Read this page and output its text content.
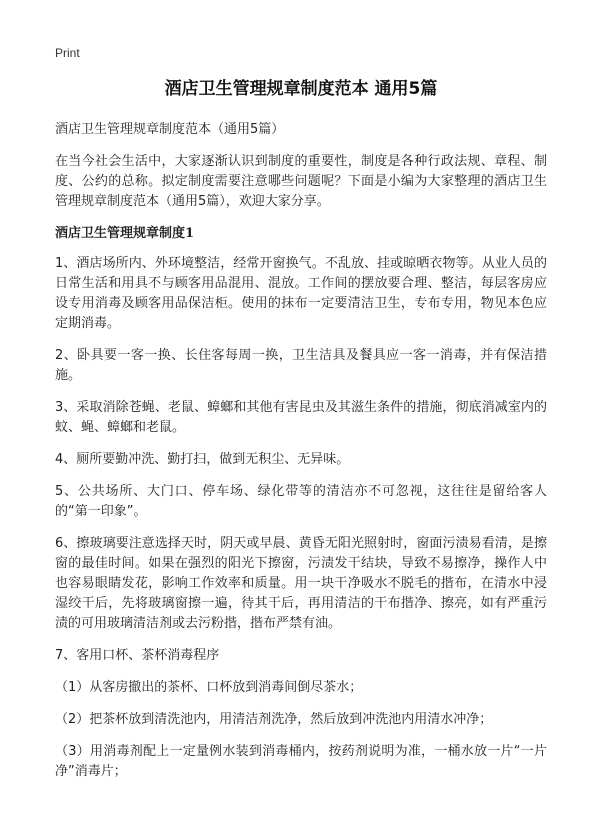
Print
酒店卫生管理规章制度范本 通用5篇
酒店卫生管理规章制度范本（通用5篇）

在当今社会生活中，大家逐渐认识到制度的重要性，制度是各种行政法规、章程、制度、公约的总称。拟定制度需要注意哪些问题呢？下面是小编为大家整理的酒店卫生管理规章制度范本（通用5篇），欢迎大家分享。

酒店卫生管理规章制度1

1、酒店场所内、外环境整洁，经常开窗换气。不乱放、挂或晾晒衣物等。从业人员的日常生活和用具不与顾客用品混用、混放。工作间的摆放要合理、整洁，每层客房应设专用消毒及顾客用品保洁柜。使用的抹布一定要清洁卫生，专布专用，物见本色应定期消毒。

2、卧具要一客一换、长住客每周一换，卫生洁具及餐具应一客一消毒，并有保洁措施。

3、采取消除苍蝇、老鼠、蟑螂和其他有害昆虫及其滋生条件的措施，彻底消减室内的蚊、蝇、蟑螂和老鼠。

4、厕所要勤冲洗、勤打扫，做到无积尘、无异味。

5、公共场所、大门口、停车场、绿化带等的清洁亦不可忽视，这往往是留给客人的“第一印象”。

6、擦玻璃要注意选择天时，阴天或早晨、黄昏无阳光照射时，窗面污渍易看清，是擦窗的最佳时间。如果在强烈的阳光下擦窗，污渍发干结块，导致不易擦净，操作人中也容易眼睛发花，影响工作效率和质量。用一块干净吸水不脱毛的揩布，在清水中浸湿绞干后，先将玻璃窗擦一遍，待其干后，再用清洁的干布揩净、擦亮，如有严重污渍的可用玻璃清洁剂或去污粉揩，揩布严禁有油。

7、客用口杯、茶杯消毒程序

（1）从客房撤出的茶杯、口杯放到消毒间倒尽茶水；

（2）把茶杯放到清洗池内，用清洁剂洗净，然后放到冲洗池内用清水冲净；

（3）用消毒剂配上一定量例水装到消毒桶内，按药剂说明为准，一桶水放一片“一片净”消毒片；
